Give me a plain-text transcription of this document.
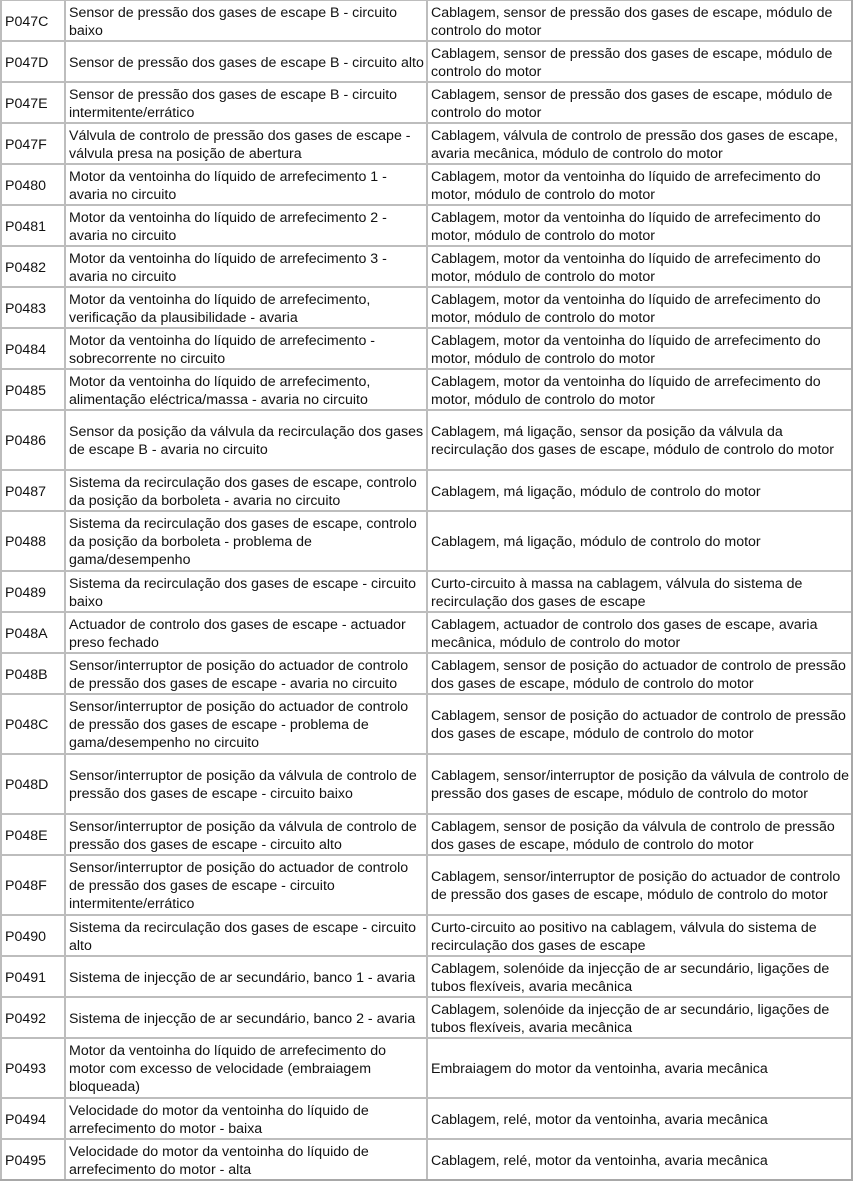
P047C	Sensor de pressão dos gases de escape B - circuito baixo	Cablagem, sensor de pressão dos gases de escape, módulo de controlo do motor
P047D	Sensor de pressão dos gases de escape B - circuito alto	Cablagem, sensor de pressão dos gases de escape, módulo de controlo do motor
P047E	Sensor de pressão dos gases de escape B - circuito intermitente/errático	Cablagem, sensor de pressão dos gases de escape, módulo de controlo do motor
P047F	Válvula de controlo de pressão dos gases de escape - válvula presa na posição de abertura	Cablagem, válvula de controlo de pressão dos gases de escape, avaria mecânica, módulo de controlo do motor
P0480	Motor da ventoinha do líquido de arrefecimento 1 - avaria no circuito	Cablagem, motor da ventoinha do líquido de arrefecimento do motor, módulo de controlo do motor
P0481	Motor da ventoinha do líquido de arrefecimento 2 - avaria no circuito	Cablagem, motor da ventoinha do líquido de arrefecimento do motor, módulo de controlo do motor
P0482	Motor da ventoinha do líquido de arrefecimento 3 - avaria no circuito	Cablagem, motor da ventoinha do líquido de arrefecimento do motor, módulo de controlo do motor
P0483	Motor da ventoinha do líquido de arrefecimento, verificação da plausibilidade - avaria	Cablagem, motor da ventoinha do líquido de arrefecimento do motor, módulo de controlo do motor
P0484	Motor da ventoinha do líquido de arrefecimento - sobrecorrente no circuito	Cablagem, motor da ventoinha do líquido de arrefecimento do motor, módulo de controlo do motor
P0485	Motor da ventoinha do líquido de arrefecimento, alimentação eléctrica/massa - avaria no circuito	Cablagem, motor da ventoinha do líquido de arrefecimento do motor, módulo de controlo do motor
P0486	Sensor da posição da válvula da recirculação dos gases de escape B - avaria no circuito	Cablagem, má ligação, sensor da posição da válvula da recirculação dos gases de escape, módulo de controlo do motor
P0487	Sistema da recirculação dos gases de escape, controlo da posição da borboleta - avaria no circuito	Cablagem, má ligação, módulo de controlo do motor
P0488	Sistema da recirculação dos gases de escape, controlo da posição da borboleta - problema de gama/desempenho	Cablagem, má ligação, módulo de controlo do motor
P0489	Sistema da recirculação dos gases de escape - circuito baixo	Curto-circuito à massa na cablagem, válvula do sistema de recirculação dos gases de escape
P048A	Actuador de controlo dos gases de escape - actuador preso fechado	Cablagem, actuador de controlo dos gases de escape, avaria mecânica, módulo de controlo do motor
P048B	Sensor/interruptor de posição do actuador de controlo de pressão dos gases de escape - avaria no circuito	Cablagem, sensor de posição do actuador de controlo de pressão dos gases de escape, módulo de controlo do motor
P048C	Sensor/interruptor de posição do actuador de controlo de pressão dos gases de escape - problema de gama/desempenho no circuito	Cablagem, sensor de posição do actuador de controlo de pressão dos gases de escape, módulo de controlo do motor
P048D	Sensor/interruptor de posição da válvula de controlo de pressão dos gases de escape - circuito baixo	Cablagem, sensor/interruptor de posição da válvula de controlo de pressão dos gases de escape, módulo de controlo do motor
P048E	Sensor/interruptor de posição da válvula de controlo de pressão dos gases de escape - circuito alto	Cablagem, sensor de posição da válvula de controlo de pressão dos gases de escape, módulo de controlo do motor
P048F	Sensor/interruptor de posição do actuador de controlo de pressão dos gases de escape - circuito intermitente/errático	Cablagem, sensor/interruptor de posição do actuador de controlo de pressão dos gases de escape, módulo de controlo do motor
P0490	Sistema da recirculação dos gases de escape - circuito alto	Curto-circuito ao positivo na cablagem, válvula do sistema de recirculação dos gases de escape
P0491	Sistema de injecção de ar secundário, banco 1 - avaria	Cablagem, solenóide da injecção de ar secundário, ligações de tubos flexíveis, avaria mecânica
P0492	Sistema de injecção de ar secundário, banco 2 - avaria	Cablagem, solenóide da injecção de ar secundário, ligações de tubos flexíveis, avaria mecânica
P0493	Motor da ventoinha do líquido de arrefecimento do motor com excesso de velocidade (embraiagem bloqueada)	Embraiagem do motor da ventoinha, avaria mecânica
P0494	Velocidade do motor da ventoinha do líquido de arrefecimento do motor - baixa	Cablagem, relé, motor da ventoinha, avaria mecânica
P0495	Velocidade do motor da ventoinha do líquido de arrefecimento do motor - alta	Cablagem, relé, motor da ventoinha, avaria mecânica
